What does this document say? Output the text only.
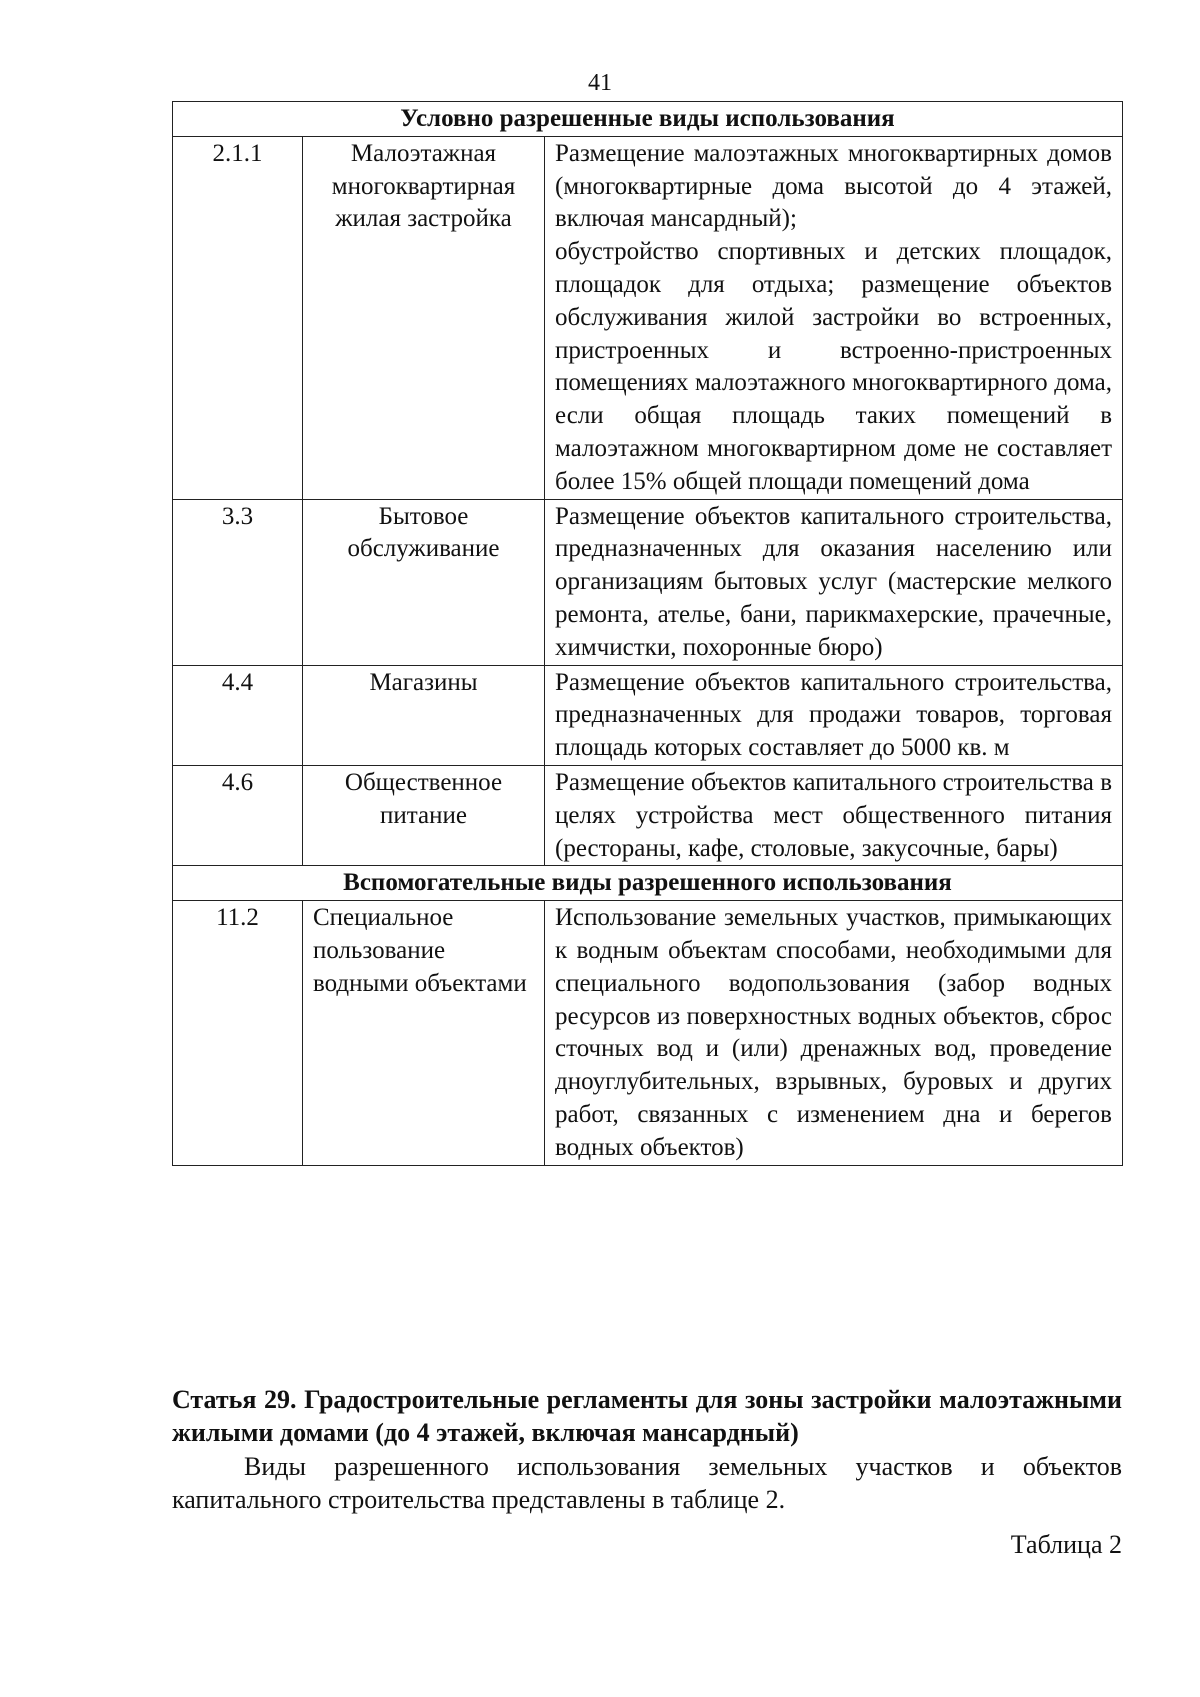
41
Условно разрешенные виды использования		
2.1.1	Малоэтажная многоквартирная жилая застройка	Размещение малоэтажных многоквартирных домов (многоквартирные дома высотой до 4 этажей, включая мансардный);

обустройство спортивных и детских площадок, площадок для отдыха; размещение объектов обслуживания жилой застройки во встроенных, пристроенных и встроенно-пристроенных помещениях малоэтажного многоквартирного дома, если общая площадь таких помещений в малоэтажном многоквартирном доме не составляет более 15% общей площади помещений дома

3.3	Бытовое обслуживание	Размещение объектов капитального строительства, предназначенных для оказания населению или организациям бытовых услуг (мастерские мелкого ремонта, ателье, бани, парикмахерские, прачечные, химчистки, похоронные бюро)

4.4	Магазины	Размещение объектов капитального строительства, предназначенных для продажи товаров, торговая площадь которых составляет до 5000 кв. м

4.6	Общественное питание	Размещение объектов капитального строительства в целях устройства мест общественного питания (рестораны, кафе, столовые, закусочные, бары)

Вспомогательные виды разрешенного использования		
11.2	Специальное пользование водными объектами	Использование земельных участков, примыкающих к водным объектам способами, необходимыми для специального водопользования (забор водных ресурсов из поверхностных водных объектов, сброс сточных вод и (или) дренажных вод, проведение дноуглубительных, взрывных, буровых и других работ, связанных с изменением дна и берегов водных объектов)

Статья 29. Градостроительные регламенты для зоны застройки малоэтажными жилыми домами (до 4 этажей, включая мансардный)

Виды разрешенного использования земельных участков и объектов капитального строительства представлены в таблице 2.

Таблица 2
